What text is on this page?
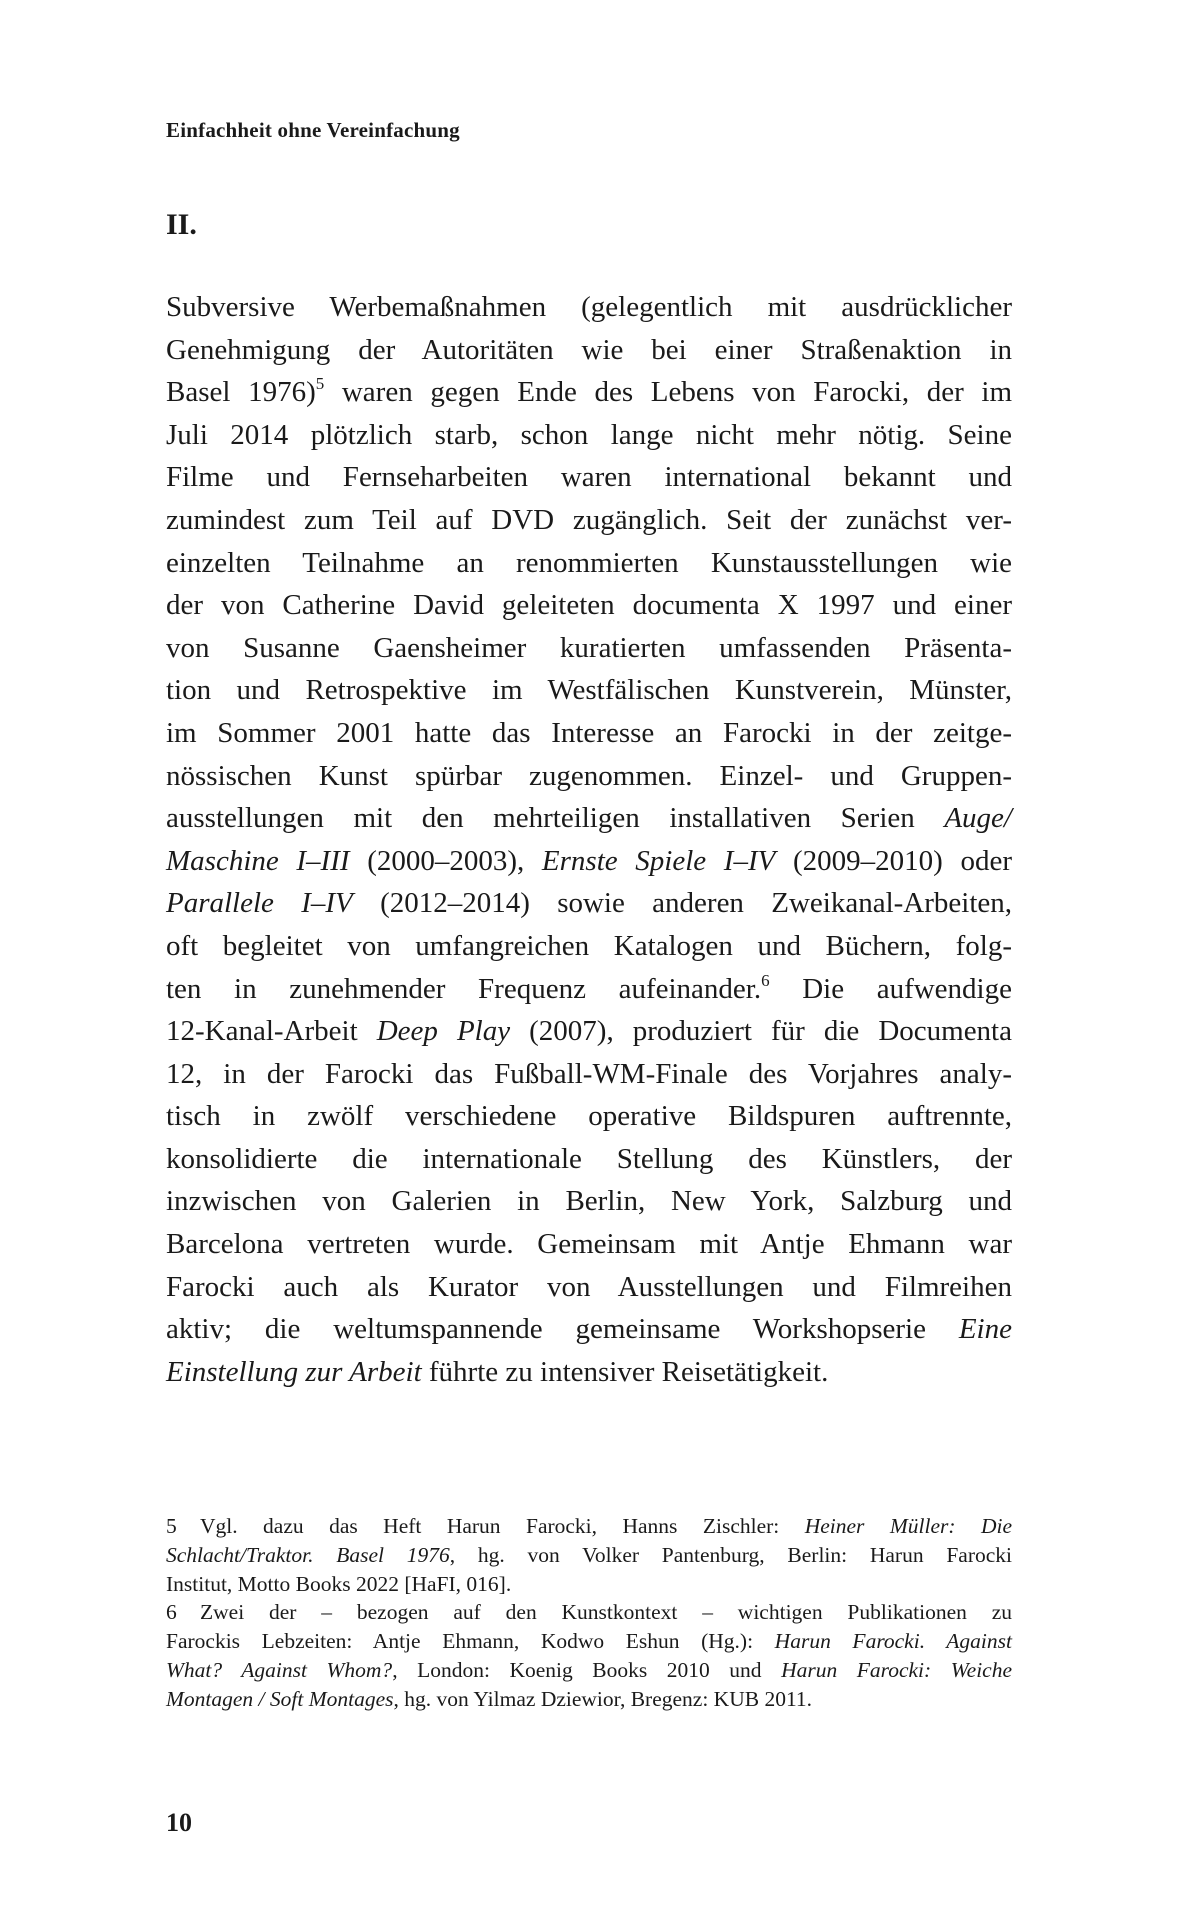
Einfachheit ohne Vereinfachung
II.
Subversive Werbemaßnahmen (gelegentlich mit ausdrücklicher
Genehmigung der Autoritäten wie bei einer Straßenaktion in
Basel 1976)$^5$ waren gegen Ende des Lebens von Farocki, der im
Juli 2014 plötzlich starb, schon lange nicht mehr nötig. Seine
Filme und Fernseharbeiten waren international bekannt und
zumindest zum Teil auf DVD zugänglich. Seit der zunächst ver-
einzelten Teilnahme an renommierten Kunstausstellungen wie
der von Catherine David geleiteten documenta X 1997 und einer
von Susanne Gaensheimer kuratierten umfassenden Präsenta-
tion und Retrospektive im Westfälischen Kunstverein, Münster,
im Sommer 2001 hatte das Interesse an Farocki in der zeitge-
nössischen Kunst spürbar zugenommen. Einzel- und Gruppen-
ausstellungen mit den mehrteiligen installativen Serien Auge/
Maschine I–III (2000–2003), Ernste Spiele I–IV (2009–2010) oder
Parallele I–IV (2012–2014) sowie anderen Zweikanal-Arbeiten,
oft begleitet von umfangreichen Katalogen und Büchern, folg-
ten in zunehmender Frequenz aufeinander.$^6$ Die aufwendige
12-Kanal-Arbeit Deep Play (2007), produziert für die Documenta
12, in der Farocki das Fußball-WM-Finale des Vorjahres analy-
tisch in zwölf verschiedene operative Bildspuren auftrennte,
konsolidierte die internationale Stellung des Künstlers, der
inzwischen von Galerien in Berlin, New York, Salzburg und
Barcelona vertreten wurde. Gemeinsam mit Antje Ehmann war
Farocki auch als Kurator von Ausstellungen und Filmreihen
aktiv; die weltumspannende gemeinsame Workshopserie Eine
Einstellung zur Arbeit führte zu intensiver Reisetätigkeit.
5 Vgl. dazu das Heft Harun Farocki, Hanns Zischler: Heiner Müller: Die
Schlacht/Traktor. Basel 1976, hg. von Volker Pantenburg, Berlin: Harun Farocki
Institut, Motto Books 2022 [HaFI, 016].
6 Zwei der – bezogen auf den Kunstkontext – wichtigen Publikationen zu
Farockis Lebzeiten: Antje Ehmann, Kodwo Eshun (Hg.): Harun Farocki. Against
What? Against Whom?, London: Koenig Books 2010 und Harun Farocki: Weiche
Montagen / Soft Montages, hg. von Yilmaz Dziewior, Bregenz: KUB 2011.
10
